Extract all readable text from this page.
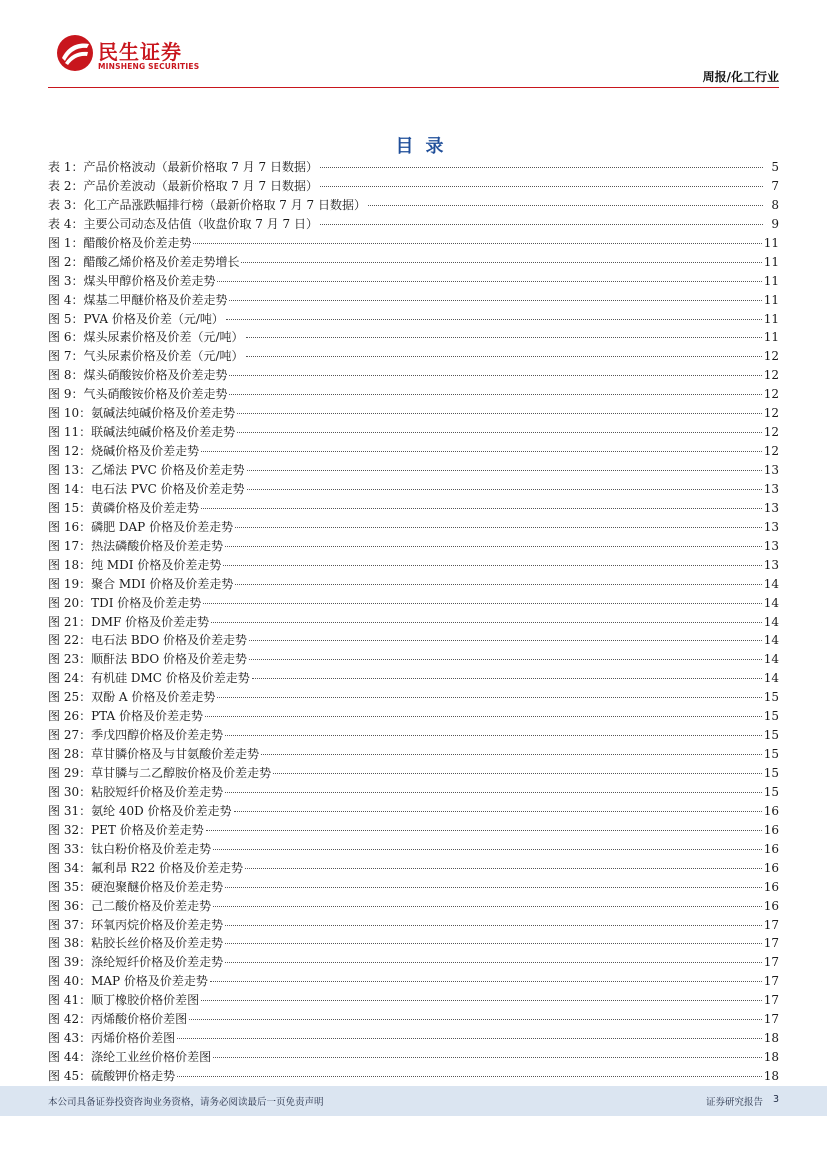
民生证券
MINSHENG SECURITIES
周报/化工行业
目录
表 1：产品价格波动（最新价格取 7 月 7 日数据）	5
表 2：产品价差波动（最新价格取 7 月 7 日数据）	7
表 3：化工产品涨跌幅排行榜（最新价格取 7 月 7 日数据）	8
表 4：主要公司动态及估值（收盘价取 7 月 7 日）	9
图 1：醋酸价格及价差走势	11
图 2：醋酸乙烯价格及价差走势增长	11
图 3：煤头甲醇价格及价差走势	11
图 4：煤基二甲醚价格及价差走势	11
图 5：PVA 价格及价差（元/吨）	11
图 6：煤头尿素价格及价差（元/吨）	11
图 7：气头尿素价格及价差（元/吨）	12
图 8：煤头硝酸铵价格及价差走势	12
图 9：气头硝酸铵价格及价差走势	12
图 10：氨碱法纯碱价格及价差走势	12
图 11：联碱法纯碱价格及价差走势	12
图 12：烧碱价格及价差走势	12
图 13：乙烯法 PVC 价格及价差走势	13
图 14：电石法 PVC 价格及价差走势	13
图 15：黄磷价格及价差走势	13
图 16：磷肥 DAP 价格及价差走势	13
图 17：热法磷酸价格及价差走势	13
图 18：纯 MDI 价格及价差走势	13
图 19：聚合 MDI 价格及价差走势	14
图 20：TDI 价格及价差走势	14
图 21：DMF 价格及价差走势	14
图 22：电石法 BDO 价格及价差走势	14
图 23：顺酐法 BDO 价格及价差走势	14
图 24：有机硅 DMC 价格及价差走势	14
图 25：双酚 A 价格及价差走势	15
图 26：PTA 价格及价差走势	15
图 27：季戊四醇价格及价差走势	15
图 28：草甘膦价格及与甘氨酸价差走势	15
图 29：草甘膦与二乙醇胺价格及价差走势	15
图 30：粘胶短纤价格及价差走势	15
图 31：氨纶 40D 价格及价差走势	16
图 32：PET 价格及价差走势	16
图 33：钛白粉价格及价差走势	16
图 34：氟利昂 R22 价格及价差走势	16
图 35：硬泡聚醚价格及价差走势	16
图 36：己二酸价格及价差走势	16
图 37：环氧丙烷价格及价差走势	17
图 38：粘胶长丝价格及价差走势	17
图 39：涤纶短纤价格及价差走势	17
图 40：MAP 价格及价差走势	17
图 41：顺丁橡胶价格价差图	17
图 42：丙烯酸价格价差图	17
图 43：丙烯价格价差图	18
图 44：涤纶工业丝价格价差图	18
图 45：硫酸钾价格走势	18
本公司具备证券投资咨询业务资格，请务必阅读最后一页免责声明	证券研究报告 3
